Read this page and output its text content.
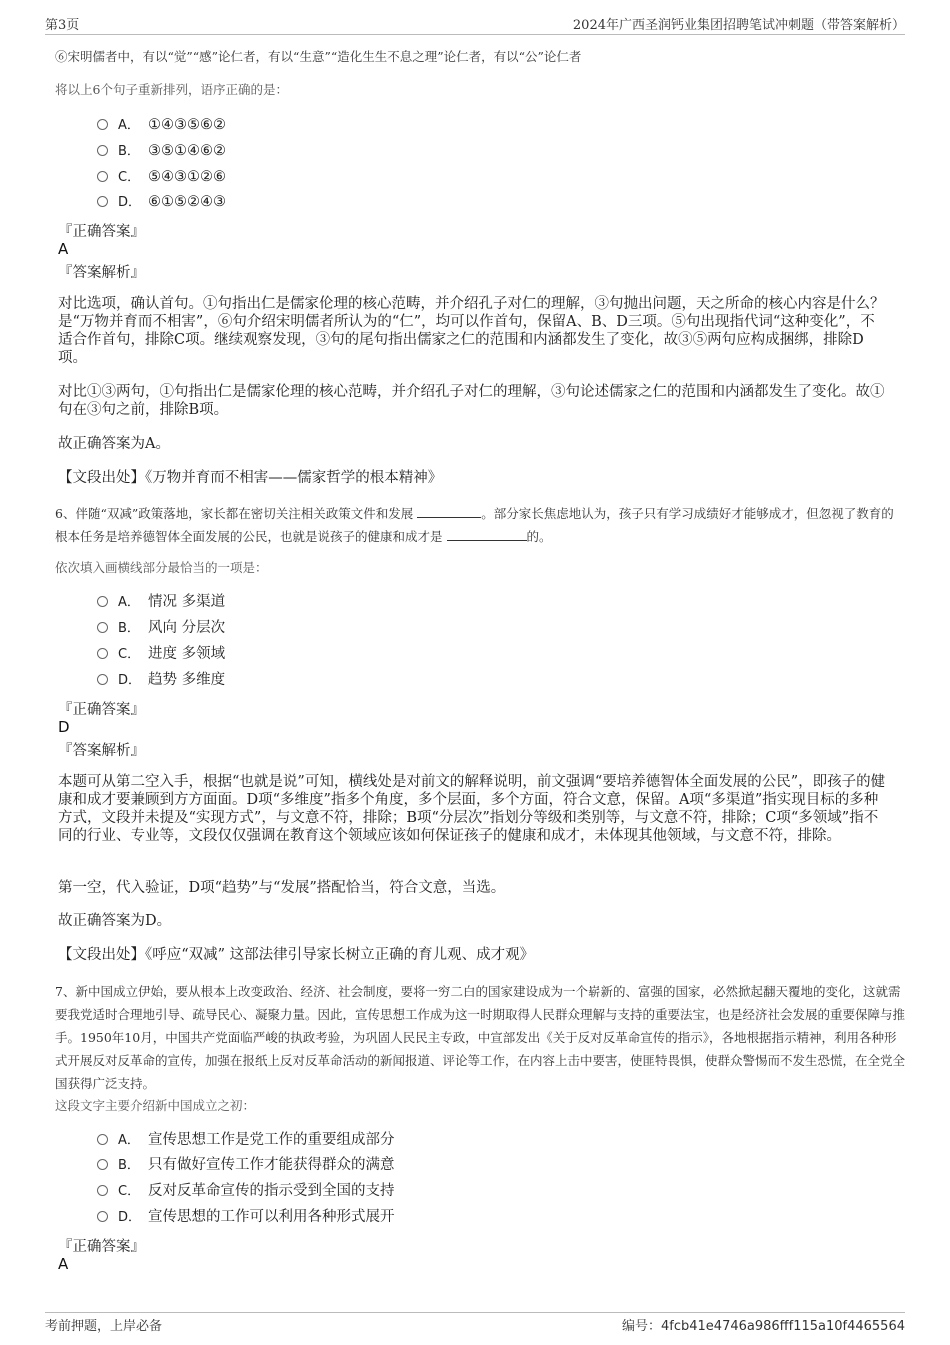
第3页	2024年广西圣润钙业集团招聘笔试冲刺题（带答案解析）
⑥宋明儒者中，有以“觉”“感”论仁者，有以“生意”“造化生生不息之理”论仁者，有以“公”论仁者
将以上6个句子重新排列，语序正确的是：
A． ①④③⑤⑥②
B． ③⑤①④⑥②
C． ⑤④③①②⑥
D． ⑥①⑤②④③
『正确答案』
A
『答案解析』
对比选项，确认首句。①句指出仁是儒家伦理的核心范畴，并介绍孔子对仁的理解，③句抛出问题，天之所命的核心内容是什么？是“万物并育而不相害”，⑥句介绍宋明儒者所认为的“仁”，均可以作首句，保留A、B、D三项。⑤句出现指代词“这种变化”，不适合作首句，排除C项。继续观察发现，③句的尾句指出儒家之仁的范围和内涵都发生了变化，故③⑤两句应构成捆绑，排除D项。
对比①③两句，①句指出仁是儒家伦理的核心范畴，并介绍孔子对仁的理解，③句论述儒家之仁的范围和内涵都发生了变化。故①句在③句之前，排除B项。
故正确答案为A。
【文段出处】《万物并育而不相害——儒家哲学的根本精神》
6、伴随“双减”政策落地，家长都在密切关注相关政策文件和发展	。部分家长焦虑地认为，孩子只有学习成绩好才能够成才，但忽视了教育的根本任务是培养德智体全面发展的公民，也就是说孩子的健康和成才是	的。
依次填入画横线部分最恰当的一项是：
A． 情况 多渠道
B． 风向 分层次
C． 进度 多领域
D． 趋势 多维度
『正确答案』
D
『答案解析』
本题可从第二空入手，根据“也就是说”可知，横线处是对前文的解释说明，前文强调“要培养德智体全面发展的公民”，即孩子的健康和成才要兼顾到方方面面。D项“多维度”指多个角度，多个层面，多个方面，符合文意，保留。A项“多渠道”指实现目标的多种方式，文段并未提及“实现方式”，与文意不符，排除；B项“分层次”指划分等级和类别等，与文意不符，排除；C项“多领域”指不同的行业、专业等，文段仅仅强调在教育这个领域应该如何保证孩子的健康和成才，未体现其他领域，与文意不符，排除。
第一空，代入验证，D项“趋势”与“发展”搭配恰当，符合文意，当选。
故正确答案为D。
【文段出处】《呼应“双减” 这部法律引导家长树立正确的育儿观、成才观》
7、新中国成立伊始，要从根本上改变政治、经济、社会制度，要将一穷二白的国家建设成为一个崭新的、富强的国家，必然掀起翻天覆地的变化，这就需要我党适时合理地引导、疏导民心、凝聚力量。因此，宣传思想工作成为这一时期取得人民群众理解与支持的重要法宝，也是经济社会发展的重要保障与推手。1950年10月，中国共产党面临严峻的执政考验，为巩固人民民主专政，中宣部发出《关于反对反革命宣传的指示》，各地根据指示精神，利用各种形式开展反对反革命的宣传，加强在报纸上反对反革命活动的新闻报道、评论等工作，在内容上击中要害，使匪特畏惧，使群众警惕而不发生恐慌，在全党全国获得广泛支持。
这段文字主要介绍新中国成立之初：
A． 宣传思想工作是党工作的重要组成部分
B． 只有做好宣传工作才能获得群众的满意
C． 反对反革命宣传的指示受到全国的支持
D． 宣传思想的工作可以利用各种形式展开
『正确答案』
A
考前押题，上岸必备	编号：4fcb41e4746a986fff115a10f4465564
